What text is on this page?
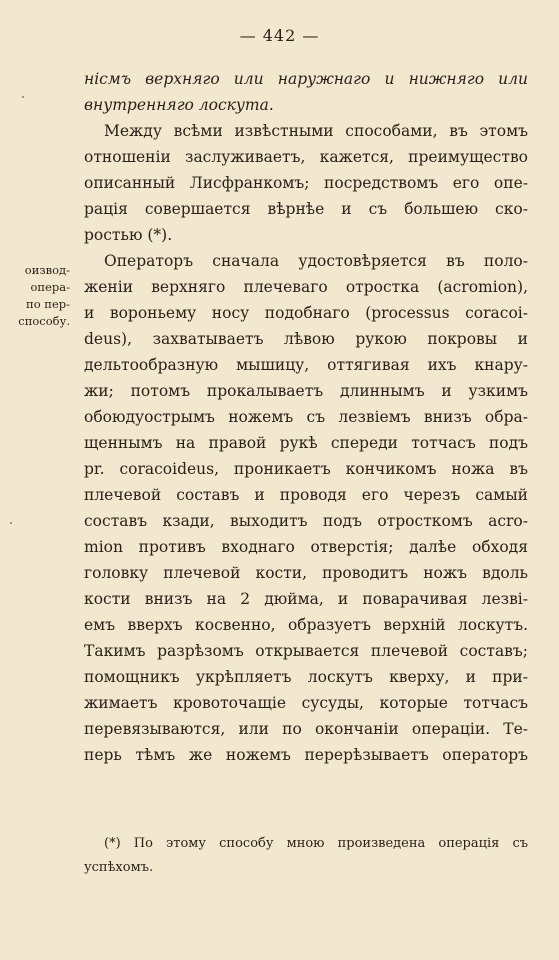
— 442 —
оизвод-
опера-
по пер-
способу.
нісмъ верхняго или наружнаго и нижняго или
внутренняго лоскута.
Между всѣми извѣстными способами, въ этомъ
отношеніи заслуживаетъ, кажется, преимущество
описанный Лисфранкомъ; посредствомъ его опе-
рація совершается вѣрнѣе и съ большею ско-
ростью (*).
Операторъ сначала удостовѣряется въ поло-
женіи верхняго плечеваго отростка (acromion),
и вороньему носу подобнаго (processus coracoi-
deus), захватываетъ лѣвою рукою покровы и
дельтообразную мышицу, оттягивая ихъ кнару-
жи; потомъ прокалываетъ длиннымъ и узкимъ
обоюдуострымъ ножемъ съ лезвіемъ внизъ обра-
щеннымъ на правой рукѣ спереди тотчасъ подъ
pr. coracoideus, проникаетъ кончикомъ ножа въ
плечевой составъ и проводя его черезъ самый
составъ кзади, выходитъ подъ отросткомъ acro-
mion противъ входнаго отверстія; далѣе обходя
головку плечевой кости, проводитъ ножъ вдоль
кости внизъ на 2 дюйма, и поварачивая лезві-
емъ вверхъ косвенно, образуетъ верхній лоскутъ.
Такимъ разрѣзомъ открывается плечевой составъ;
помощникъ укрѣпляетъ лоскутъ кверху, и при-
жимаетъ кровоточащіе сусуды, которые тотчасъ
перевязываются, или по окончаніи операціи. Те-
перь тѣмъ же ножемъ перерѣзываетъ операторъ
(*) По этому способу мною произведена операція съ
успѣхомъ.
